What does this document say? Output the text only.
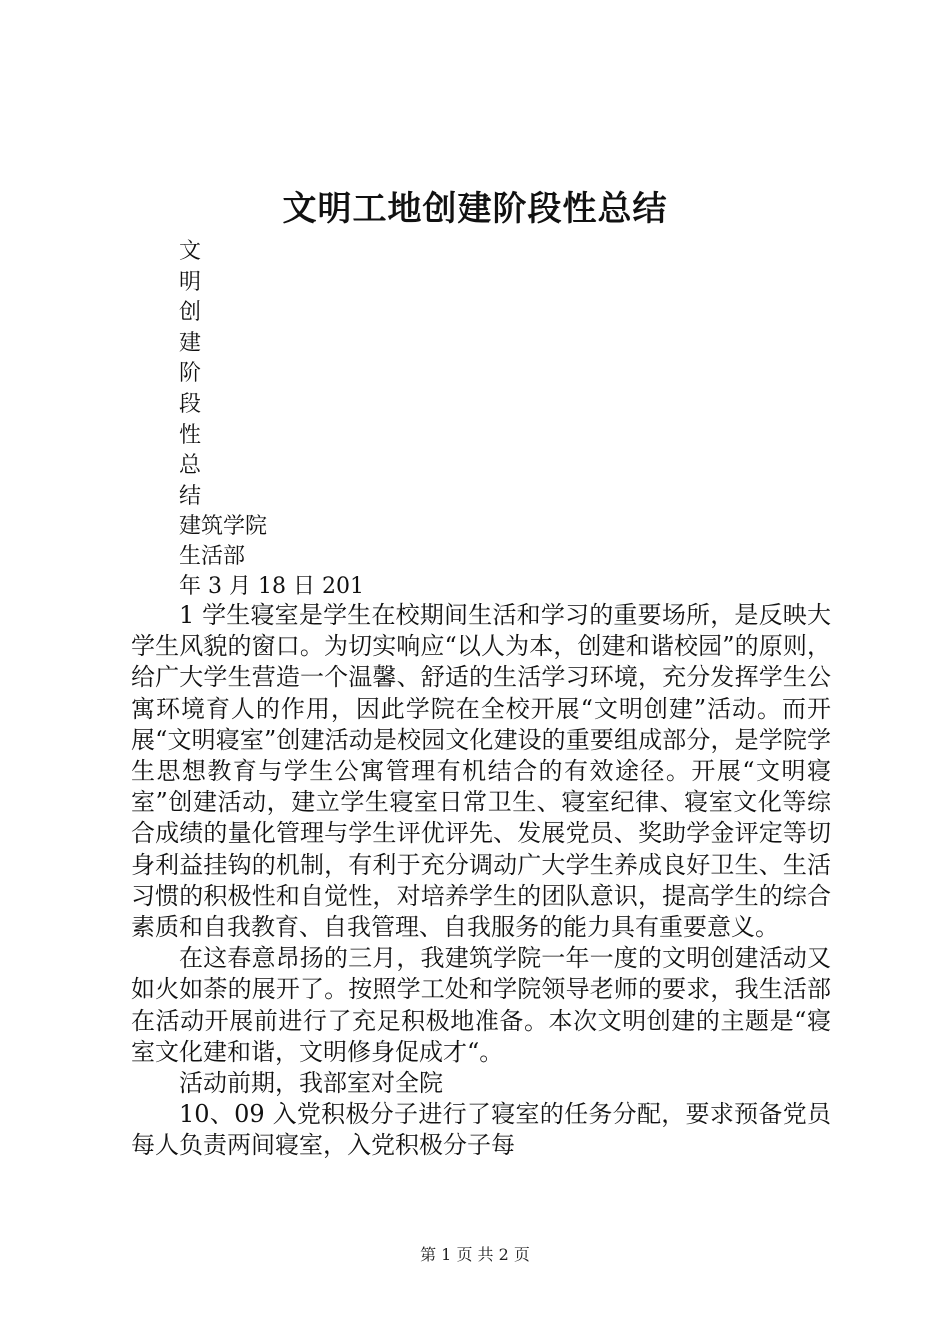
文明工地创建阶段性总结
文
明
创
建
阶
段
性
总
结
建筑学院
生活部
年 3 月 18 日 201

1 学生寝室是学生在校期间生活和学习的重要场所，是反映大学生风貌的窗口。为切实响应“以人为本，创建和谐校园”的原则，给广大学生营造一个温馨、舒适的生活学习环境，充分发挥学生公寓环境育人的作用，因此学院在全校开展“文明创建”活动。而开展“文明寝室”创建活动是校园文化建设的重要组成部分，是学院学生思想教育与学生公寓管理有机结合的有效途径。开展“文明寝室”创建活动，建立学生寝室日常卫生、寝室纪律、寝室文化等综合成绩的量化管理与学生评优评先、发展党员、奖助学金评定等切身利益挂钩的机制，有利于充分调动广大学生养成良好卫生、生活习惯的积极性和自觉性，对培养学生的团队意识，提高学生的综合素质和自我教育、自我管理、自我服务的能力具有重要意义。

在这春意昂扬的三月，我建筑学院一年一度的文明创建活动又如火如荼的展开了。按照学工处和学院领导老师的要求，我生活部在活动开展前进行了充足积极地准备。本次文明创建的主题是“寝室文化建和谐，文明修身促成才“。

活动前期，我部室对全院

10、09 入党积极分子进行了寝室的任务分配，要求预备党员每人负责两间寝室，入党积极分子每

第 1 页 共 2 页
